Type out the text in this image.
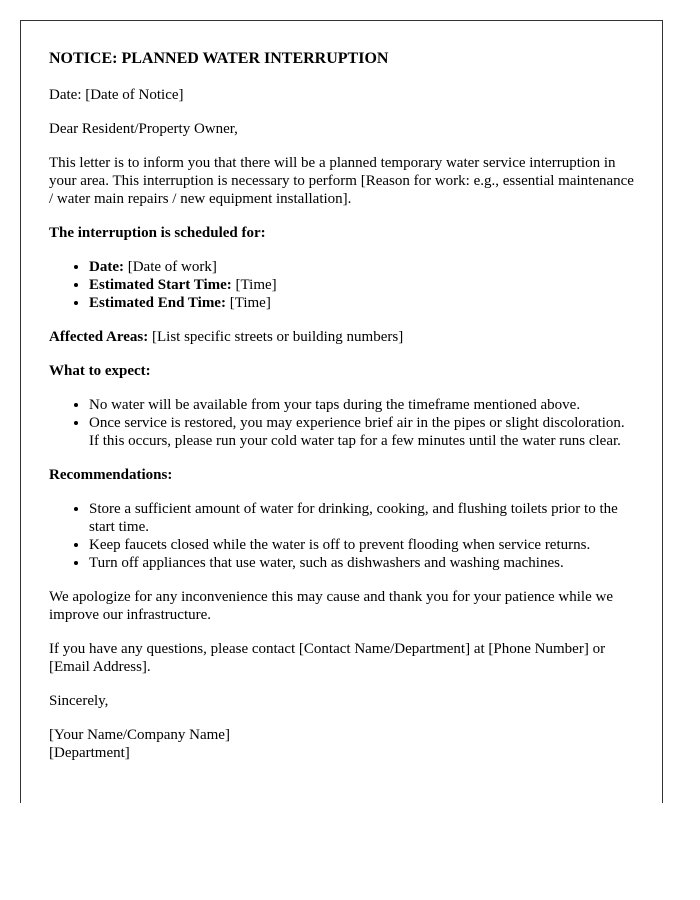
NOTICE: PLANNED WATER INTERRUPTION

Date: [Date of Notice]

Dear Resident/Property Owner,

This letter is to inform you that there will be a planned temporary water service interruption in your area. This interruption is necessary to perform [Reason for work: e.g., essential maintenance / water main repairs / new equipment installation].

The interruption is scheduled for:

• Date: [Date of work]
• Estimated Start Time: [Time]
• Estimated End Time: [Time]

Affected Areas: [List specific streets or building numbers]

What to expect:

• No water will be available from your taps during the timeframe mentioned above.
• Once service is restored, you may experience brief air in the pipes or slight discoloration. If this occurs, please run your cold water tap for a few minutes until the water runs clear.

Recommendations:

• Store a sufficient amount of water for drinking, cooking, and flushing toilets prior to the start time.
• Keep faucets closed while the water is off to prevent flooding when service returns.
• Turn off appliances that use water, such as dishwashers and washing machines.

We apologize for any inconvenience this may cause and thank you for your patience while we improve our infrastructure.

If you have any questions, please contact [Contact Name/Department] at [Phone Number] or [Email Address].

Sincerely,

[Your Name/Company Name]
[Department]
